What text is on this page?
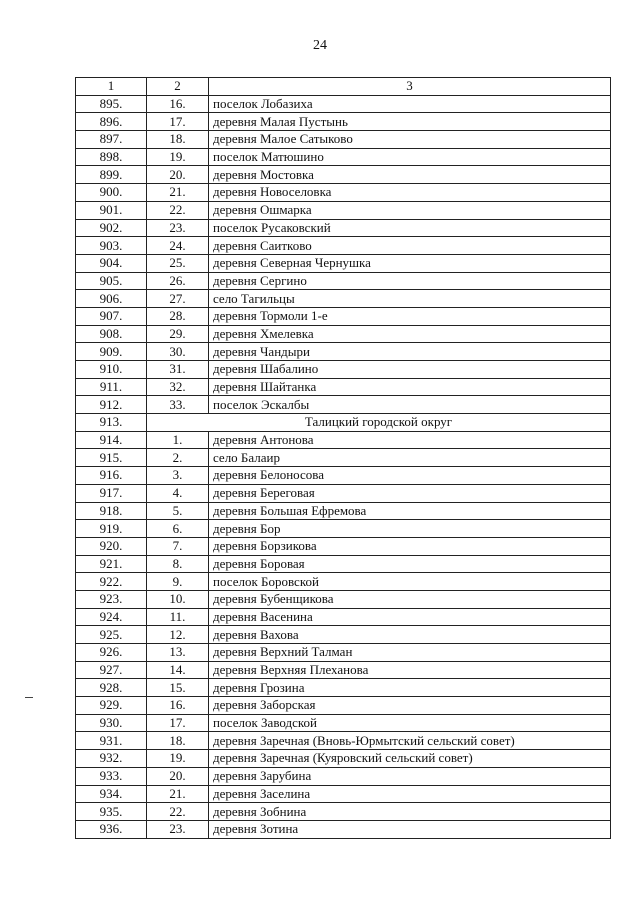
24
1	2	3
895.	16.	поселок Лобазиха
896.	17.	деревня Малая Пустынь
897.	18.	деревня Малое Сатыково
898.	19.	поселок Матюшино
899.	20.	деревня Мостовка
900.	21.	деревня Новоселовка
901.	22.	деревня Ошмарка
902.	23.	поселок Русаковский
903.	24.	деревня Саитково
904.	25.	деревня Северная Чернушка
905.	26.	деревня Сергино
906.	27.	село Тагильцы
907.	28.	деревня Тормоли 1-е
908.	29.	деревня Хмелевка
909.	30.	деревня Чандыри
910.	31.	деревня Шабалино
911.	32.	деревня Шайтанка
912.	33.	поселок Эскалбы
913.	Талицкий городской округ	
914.	1.	деревня Антонова
915.	2.	село Балаир
916.	3.	деревня Белоносова
917.	4.	деревня Береговая
918.	5.	деревня Большая Ефремова
919.	6.	деревня Бор
920.	7.	деревня Борзикова
921.	8.	деревня Боровая
922.	9.	поселок Боровской
923.	10.	деревня Бубенщикова
924.	11.	деревня Васенина
925.	12.	деревня Вахова
926.	13.	деревня Верхний Талман
927.	14.	деревня Верхняя Плеханова
928.	15.	деревня Грозина
929.	16.	деревня Заборская
930.	17.	поселок Заводской
931.	18.	деревня Заречная (Вновь-Юрмытский сельский совет)
932.	19.	деревня Заречная (Куяровский сельский совет)
933.	20.	деревня Зарубина
934.	21.	деревня Заселина
935.	22.	деревня Зобнина
936.	23.	деревня Зотина
